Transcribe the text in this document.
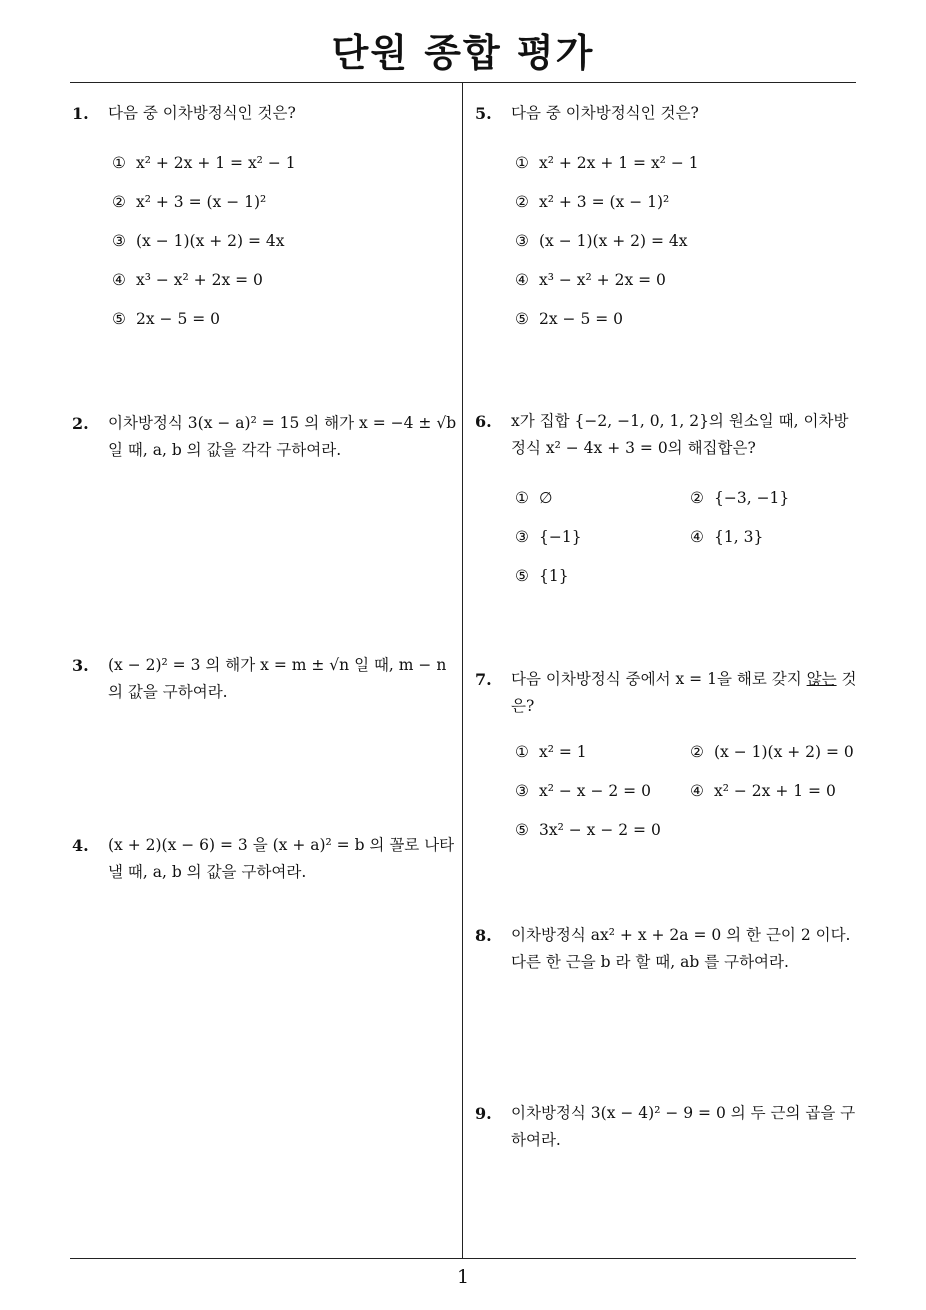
단원 종합 평가
1
1. 다음 중 이차방정식인 것은?
① x² + 2x + 1 = x² − 1
② x² + 3 = (x − 1)²
③ (x − 1)(x + 2) = 4x
④ x³ − x² + 2x = 0
⑤ 2x − 5 = 0
2. 이차방정식 3(x − a)² = 15 의 해가 x = −4 ± √b 일 때, a, b 의 값을 각각 구하여라.
3. (x − 2)² = 3 의 해가 x = m ± √n 일 때, m − n 의 값을 구하여라.
4. (x + 2)(x − 6) = 3 을 (x + a)² = b 의 꼴로 나타낼 때, a, b 의 값을 구하여라.
5. 다음 중 이차방정식인 것은?
① x² + 2x + 1 = x² − 1
② x² + 3 = (x − 1)²
③ (x − 1)(x + 2) = 4x
④ x³ − x² + 2x = 0
⑤ 2x − 5 = 0
6. x가 집합 {−2, −1, 0, 1, 2}의 원소일 때, 이차방정식 x² − 4x + 3 = 0의 해집합은?
① ∅	② {−3, −1}
③ {−1}	④ {1, 3}
⑤ {1}
7. 다음 이차방정식 중에서 x = 1을 해로 갖지 않는 것은?
① x² = 1	② (x − 1)(x + 2) = 0
③ x² − x − 2 = 0	④ x² − 2x + 1 = 0
⑤ 3x² − x − 2 = 0
8. 이차방정식 ax² + x + 2a = 0 의 한 근이 2 이다. 다른 한 근을 b 라 할 때, ab 를 구하여라.
9. 이차방정식 3(x − 4)² − 9 = 0 의 두 근의 곱을 구하여라.
